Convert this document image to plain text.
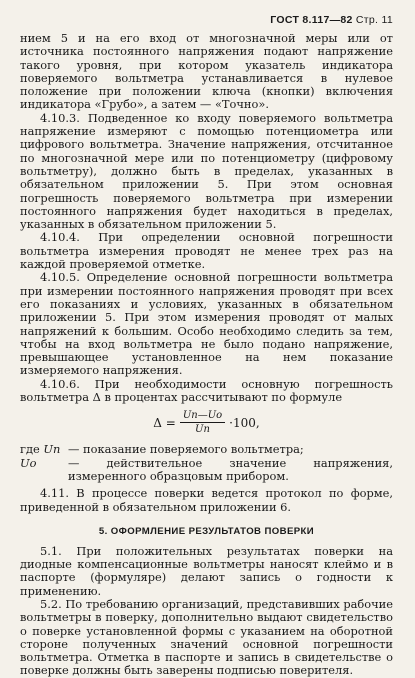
ГОСТ 8.117—82 Стр. 11

нием 5 и на его вход от многозначной меры или от источника постоянного напряжения подают напряжение такого уровня, при котором указатель индикатора поверяемого вольтметра устанавливается в нулевое положение при положении ключа (кнопки) включения индикатора «Грубо», а затем — «Точно».

4.10.3. Подведенное ко входу поверяемого вольтметра напряжение измеряют с помощью потенциометра или цифрового вольтметра. Значение напряжения, отсчитанное по многозначной мере или по потенциометру (цифровому вольтметру), должно быть в пределах, указанных в обязательном приложении 5. При этом основная погрешность поверяемого вольтметра при измерении постоянного напряжения будет находиться в пределах, указанных в обязательном приложении 5.

4.10.4. При определении основной погрешности вольтметра измерения проводят не менее трех раз на каждой проверяемой отметке.

4.10.5. Определение основной погрешности вольтметра при измерении постоянного напряжения проводят при всех его показаниях и условиях, указанных в обязательном приложении 5. При этом измерения проводят от малых напряжений к большим. Особо необходимо следить за тем, чтобы на вход вольтметра не было подано напряжение, превышающее установленное на нем показание измеряемого напряжения.

4.10.6. При необходимости основную погрешность вольтметра Δ в процентах рассчитывают по формуле

$\Delta = \frac{Uп—Uо}{Uп} \cdot 100$,
где Uп — показание поверяемого вольтметра;
Uо	— действительное значение напряжения, измеренного образцовым прибором.

4.11. В процессе поверки ведется протокол по форме, приведенной в обязательном приложении 6.

5. ОФОРМЛЕНИЕ РЕЗУЛЬТАТОВ ПОВЕРКИ

5.1. При положительных результатах поверки на диодные компенсационные вольтметры наносят клеймо и в паспорте (формуляре) делают запись о годности к применению.

5.2. По требованию организаций, представивших рабочие вольтметры в поверку, дополнительно выдают свидетельство о поверке установленной формы с указанием на оборотной стороне полученных значений основной погрешности вольтметра. Отметка в паспорте и запись в свидетельстве о поверке должны быть заверены подписью поверителя.
